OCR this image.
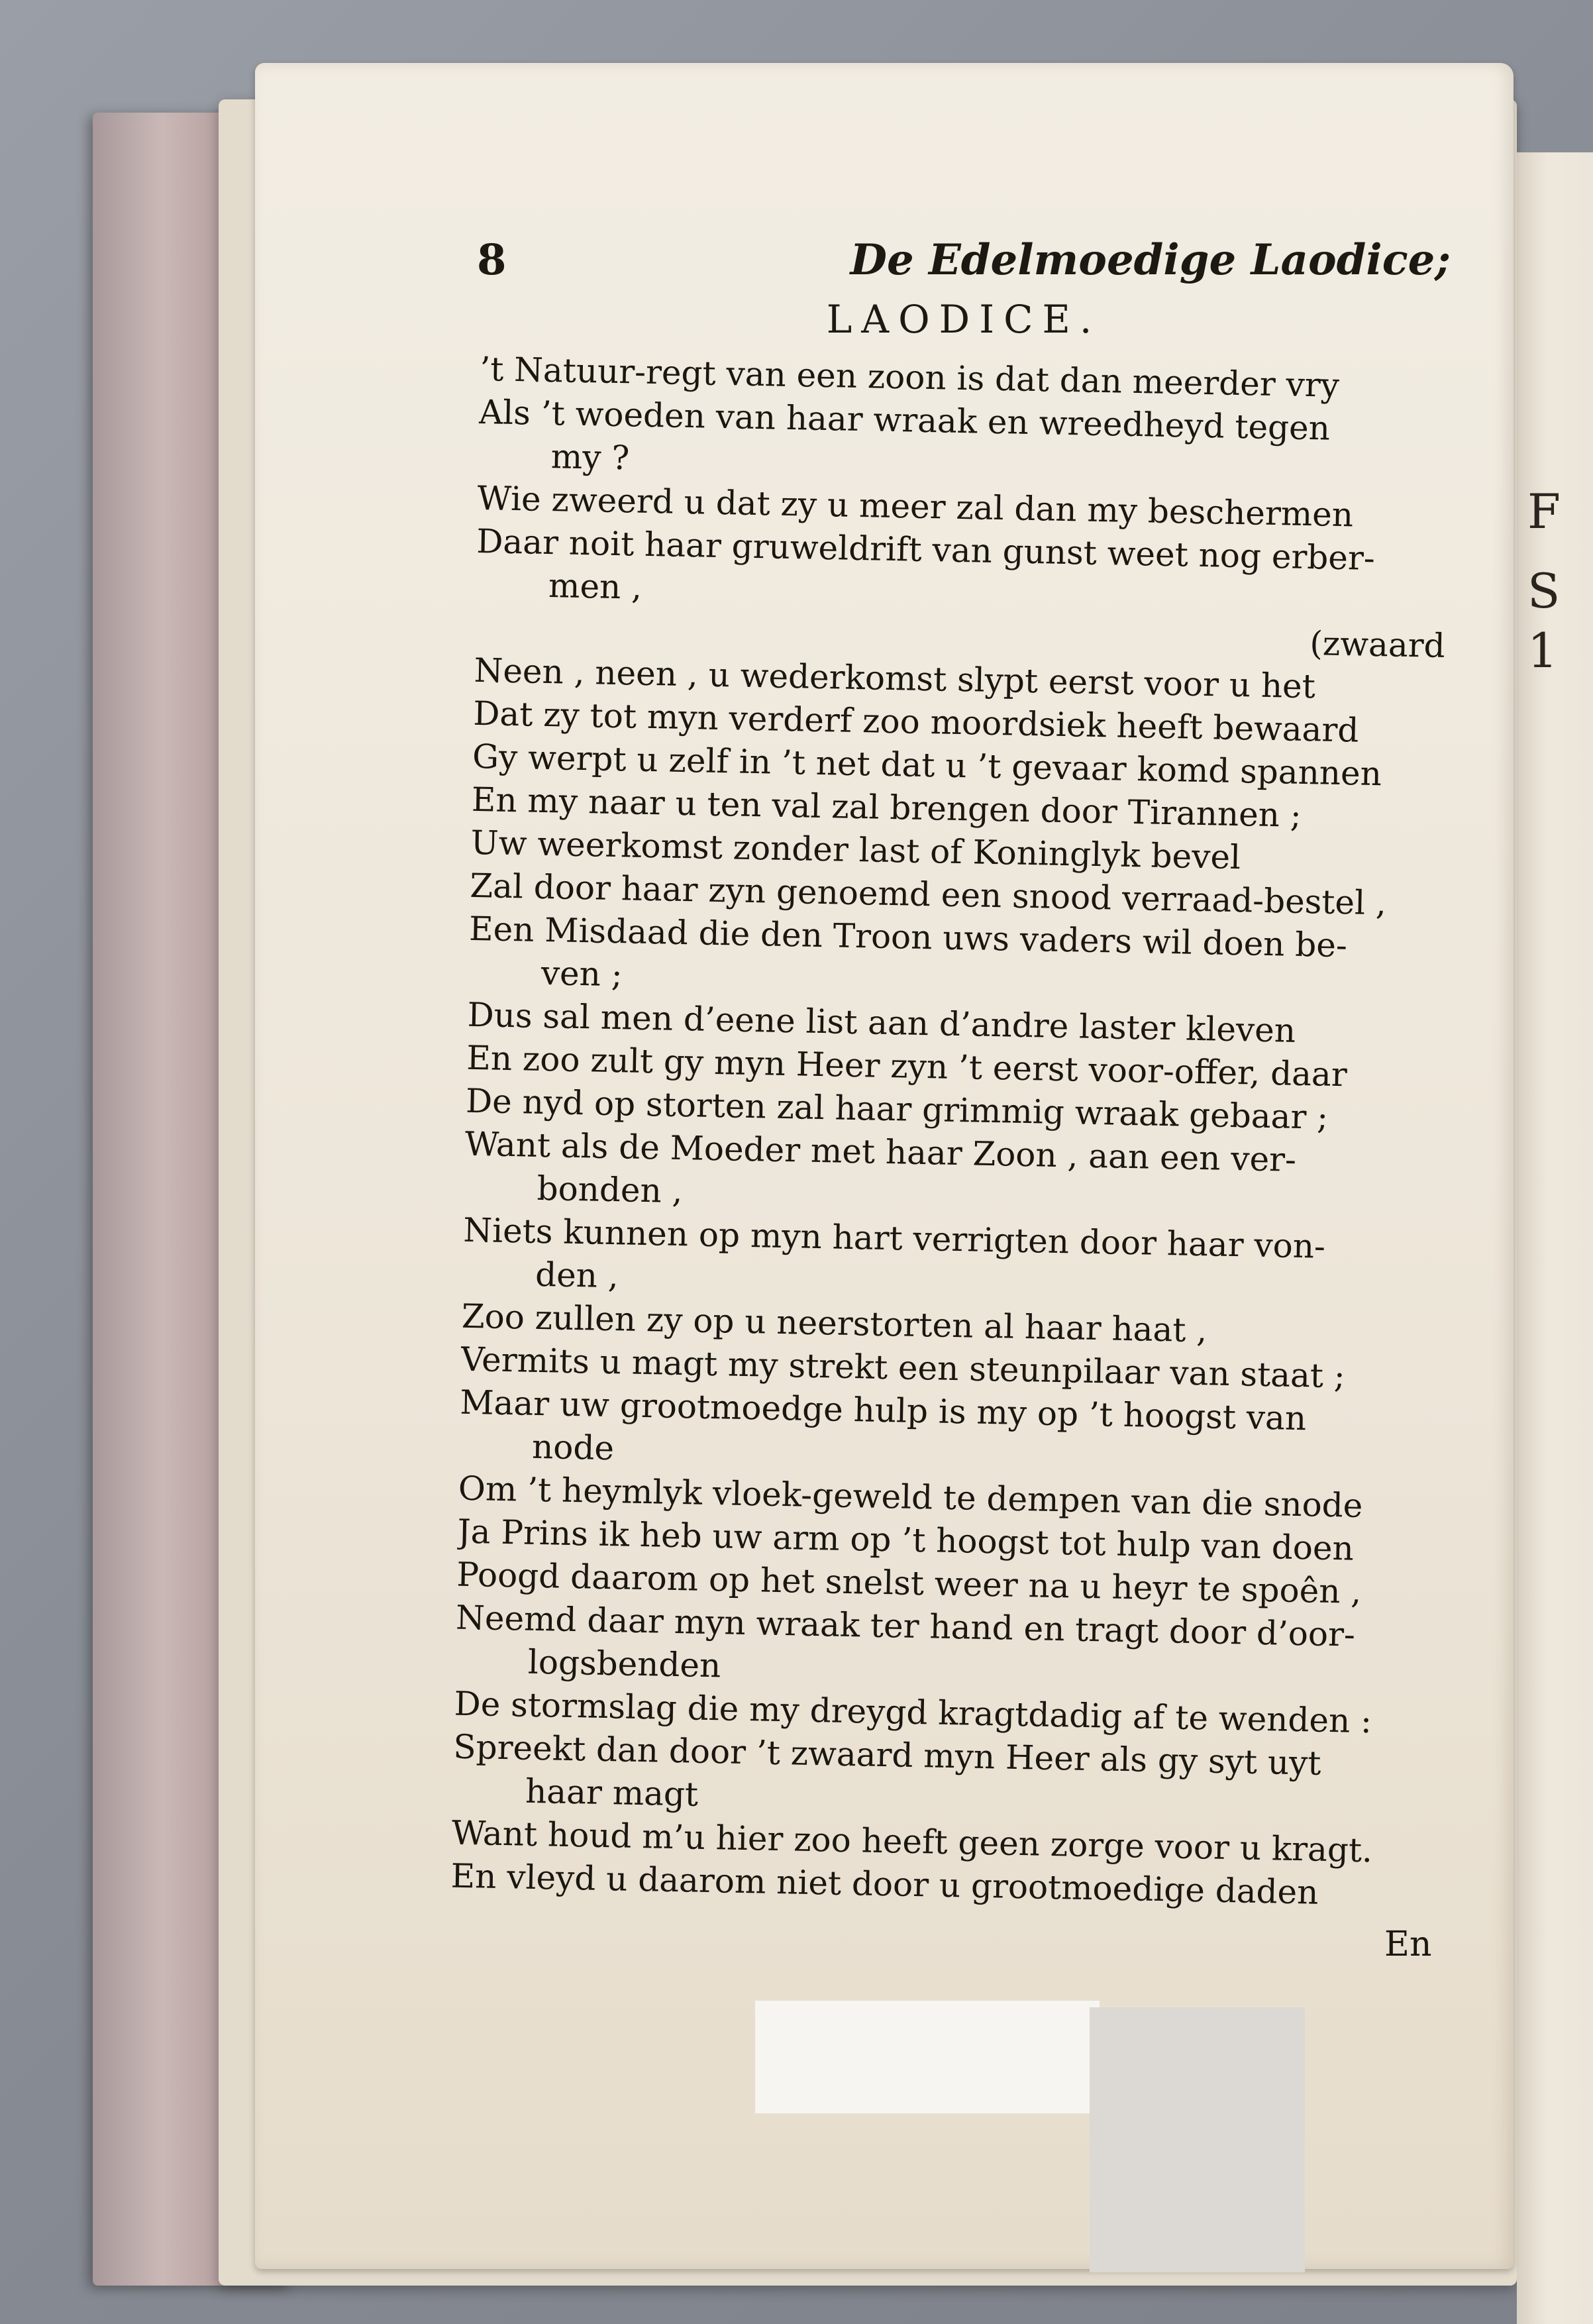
F
S
1
8	De Edelmoedige Laodice;
LAODICE.
’t Natuur-regt van een zoon is dat dan meerder vry
Als ’t woeden van haar wraak en wreedheyd tegen
my ?
Wie zweerd u dat zy u meer zal dan my beschermen
Daar noit haar gruweldrift van gunst weet nog erber-
men ,
(zwaard
Neen , neen , u wederkomst slypt eerst voor u het
Dat zy tot myn verderf zoo moordsiek heeft bewaard
Gy werpt u zelf in ’t net dat u ’t gevaar komd spannen
En my naar u ten val zal brengen door Tirannen ;
Uw weerkomst zonder last of Koninglyk bevel
Zal door haar zyn genoemd een snood verraad-bestel ,
Een Misdaad die den Troon uws vaders wil doen be-
ven ;
Dus sal men d’eene list aan d’andre laster kleven
En zoo zult gy myn Heer zyn ’t eerst voor-offer, daar
De nyd op storten zal haar grimmig wraak gebaar ;
Want als de Moeder met haar Zoon , aan een ver-
bonden ,
Niets kunnen op myn hart verrigten door haar von-
den ,
Zoo zullen zy op u neerstorten al haar haat ,
Vermits u magt my strekt een steunpilaar van staat ;
Maar uw grootmoedge hulp is my op ’t hoogst van
node
Om ’t heymlyk vloek-geweld te dempen van die snode
Ja Prins ik heb uw arm op ’t hoogst tot hulp van doen
Poogd daarom op het snelst weer na u heyr te spoên ,
Neemd daar myn wraak ter hand en tragt door d’oor-
logsbenden
De stormslag die my dreygd kragtdadig af te wenden :
Spreekt dan door ’t zwaard myn Heer als gy syt uyt
haar magt
Want houd m’u hier zoo heeft geen zorge voor u kragt.
En vleyd u daarom niet door u grootmoedige daden
En
